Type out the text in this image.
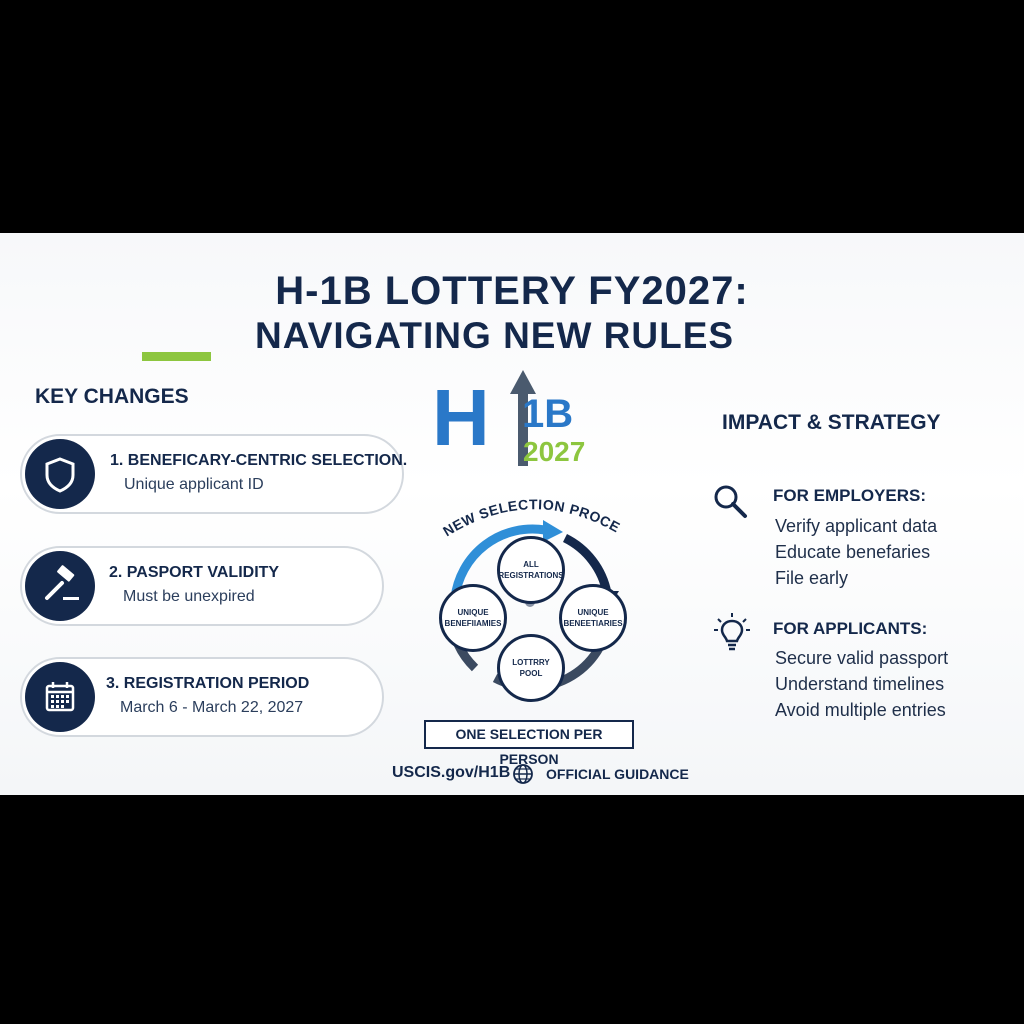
H-1B LOTTERY FY2027:
NAVIGATING NEW RULES
KEY CHANGES
1. BENEFICARY-CENTRIC SELECTION.
Unique applicant ID
2. PASPORT VALIDITY
Must be unexpired
3. REGISTRATION PERIOD
March 6 - March 22, 2027
H 1B
2027
NEW SELECTION PROCE
ALL REGISTRATIONS
UNIQUE BENEFIIAMIES
UNIQUE BENEETIARIES
LOTTRRY POOL
ONE SELECTION PER PERSON
IMPACT & STRATEGY
FOR EMPLOYERS:
Verify applicant data
Educate benefaries
File early
FOR APPLICANTS:
Secure valid passport
Understand timelines
Avoid multiple entries
USCIS.gov/H1B	OFFICIAL GUIDANCE
